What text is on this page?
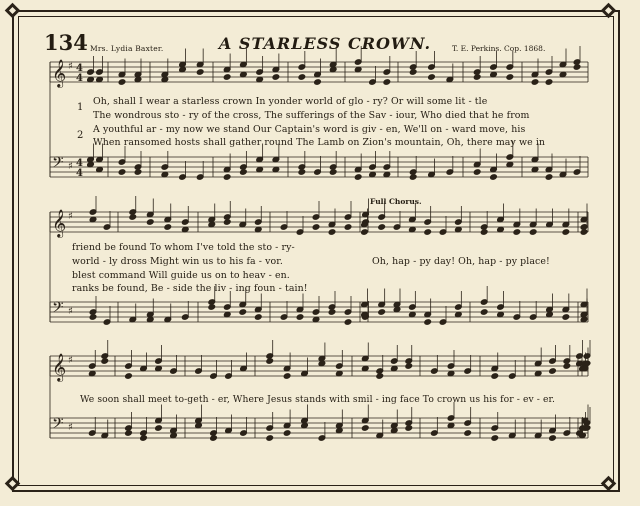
134 Mrs. Lydia Baxter.	A STARLESS CROWN.	T. E. Perkins. Cop. 1868.
𝄞 ♯ 4
4
𝄢 ♯ 4
4
𝄞 ♯
𝄢 ♯
𝄞 ♯
𝄢 ♯
1
2
Oh, shall I wear a starless crown In yonder world of glo - ry? Or will some lit - tle
The wondrous sto - ry of the cross, The sufferings of the Sav - iour, Who died that he from
A youthful ar - my now we stand Our Captain's word is giv - en, We'll on - ward move, his
When ransomed hosts shall gather round The Lamb on Zion's mountain, Oh, there may we in
friend be found To whom I've told the sto - ry-
world - ly dross Might win us to his fa - vor.
blest command Will guide us on to heav - en.
ranks be found, Be - side the liv - ing foun - tain!
Full Chorus.
Oh, hap - py day! Oh, hap - py place!
We soon shall meet to-geth - er, Where Jesus stands with smil - ing face To crown us his for - ev - er.
